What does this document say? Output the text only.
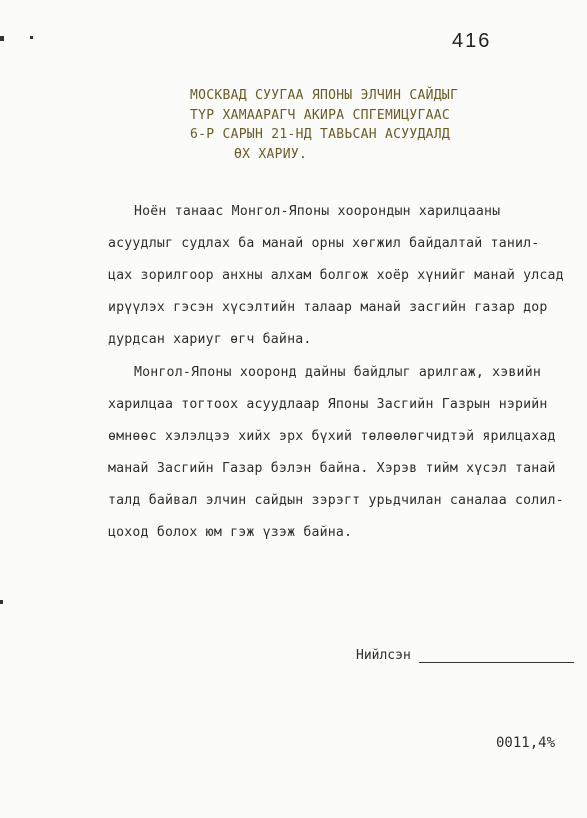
416
МОСКВАД СУУГАА ЯПОНЫ ЭЛЧИН САЙДЫГ
ТҮР ХАМААРАГЧ АКИРА СПГЕМИЦУГААС
6-Р САРЫН 21-НД ТАВЬСАН АСУУДАЛД
ӨХ ХАРИУ.
Ноён танаас Монгол-Японы хоорондын харилцааны
асуудлыг судлах ба манай орны хөгжил байдалтай танил-
цах зорилгоор анхны алхам болгож хоёр хүнийг манай улсад
ирүүлэх гэсэн хүсэлтийн талаар манай засгийн газар дор
дурдсан хариуг өгч байна.
Монгол-Японы хооронд дайны байдлыг арилгаж, хэвийн
харилцаа тогтоох асуудлаар Японы Засгийн Газрын нэрийн
өмнөөс хэлэлцээ хийх эрх бүхий төлөөлөгчидтэй ярилцахад
манай Засгийн Газар бэлэн байна. Хэрэв тийм хүсэл танай
талд байвал элчин сайдын зэрэгт урьдчилан саналаа солил-
цоход болох юм гэж үзэж байна.
Нийлсэн
0011,4%
